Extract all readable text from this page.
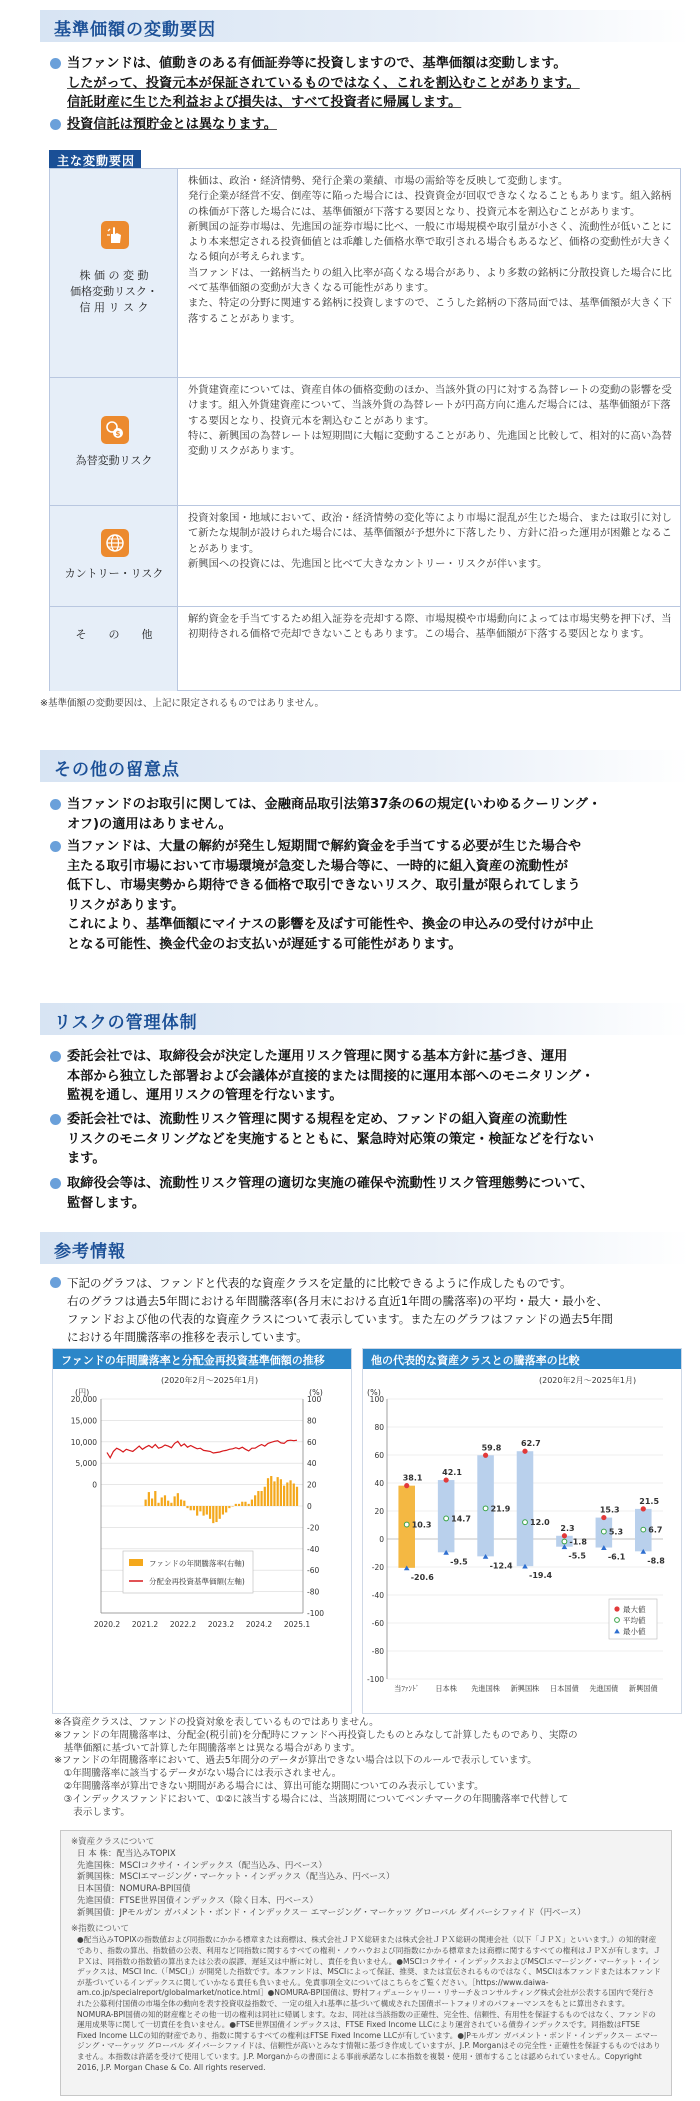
基準価額の変動要因
当ファンドは、値動きのある有価証券等に投資しますので、基準価額は変動します。
したがって、投資元本が保証されているものではなく、これを割込むことがあります。
信託財産に生じた利益および損失は、すべて投資者に帰属します。
投資信託は預貯金とは異なります。
主な変動要因
株 価 の 変 動
価格変動リスク・
信 用 リ ス ク
株価は、政治・経済情勢、発行企業の業績、市場の需給等を反映して変動します。
発行企業が経営不安、倒産等に陥った場合には、投資資金が回収できなくなることもあります。組入銘柄の株価が下落した場合には、基準価額が下落する要因となり、投資元本を割込むことがあります。
新興国の証券市場は、先進国の証券市場に比べ、一般に市場規模や取引量が小さく、流動性が低いことにより本来想定される投資価値とは乖離した価格水準で取引される場合もあるなど、価格の変動性が大きくなる傾向が考えられます。
当ファンドは、一銘柄当たりの組入比率が高くなる場合があり、より多数の銘柄に分散投資した場合に比べて基準価額の変動が大きくなる可能性があります。
また、特定の分野に関連する銘柄に投資しますので、こうした銘柄の下落局面では、基準価額が大きく下落することがあります。
$
為替変動リスク
外貨建資産については、資産自体の価格変動のほか、当該外貨の円に対する為替レートの変動の影響を受けます。組入外貨建資産について、当該外貨の為替レートが円高方向に進んだ場合には、基準価額が下落する要因となり、投資元本を割込むことがあります。
特に、新興国の為替レートは短期間に大幅に変動することがあり、先進国と比較して、相対的に高い為替変動リスクがあります。
カントリー・リスク
投資対象国・地域において、政治・経済情勢の変化等により市場に混乱が生じた場合、または取引に対して新たな規制が設けられた場合には、基準価額が予想外に下落したり、方針に沿った運用が困難となることがあります。
新興国への投資には、先進国と比べて大きなカントリー・リスクが伴います。
そ　　の　　他
解約資金を手当てするため組入証券を売却する際、市場規模や市場動向によっては市場実勢を押下げ、当初期待される価格で売却できないこともあります。この場合、基準価額が下落する要因となります。
※基準価額の変動要因は、上記に限定されるものではありません。
その他の留意点
当ファンドのお取引に関しては、金融商品取引法第37条の6の規定(いわゆるクーリング・
オフ)の適用はありません。
当ファンドは、大量の解約が発生し短期間で解約資金を手当てする必要が生じた場合や
主たる取引市場において市場環境が急変した場合等に、一時的に組入資産の流動性が
低下し、市場実勢から期待できる価格で取引できないリスク、取引量が限られてしまう
リスクがあります。
これにより、基準価額にマイナスの影響を及ぼす可能性や、換金の申込みの受付けが中止
となる可能性、換金代金のお支払いが遅延する可能性があります。
リスクの管理体制
委託会社では、取締役会が決定した運用リスク管理に関する基本方針に基づき、運用
本部から独立した部署および会議体が直接的または間接的に運用本部へのモニタリング・
監視を通し、運用リスクの管理を行ないます。
委託会社では、流動性リスク管理に関する規程を定め、ファンドの組入資産の流動性
リスクのモニタリングなどを実施するとともに、緊急時対応策の策定・検証などを行ない
ます。
取締役会等は、流動性リスク管理の適切な実施の確保や流動性リスク管理態勢について、
監督します。
参考情報
下記のグラフは、ファンドと代表的な資産クラスを定量的に比較できるように作成したものです。
右のグラフは過去5年間における年間騰落率(各月末における直近1年間の騰落率)の平均・最大・最小を、
ファンドおよび他の代表的な資産クラスについて表示しています。また左のグラフはファンドの過去5年間
における年間騰落率の推移を表示しています。
ファンドの年間騰落率と分配金再投資基準価額の推移
(2020年2月～2025年1月)
(円)	(%)
20,000	100
15,000	80
10,000	60
5,000	40
0	20
0
-20
-40
-60
-80
-100
2020.2 2021.2 2022.2 2023.2 2024.2 2025.1
ファンドの年間騰落率(右軸)
分配金再投資基準価額(左軸)
他の代表的な資産クラスとの騰落率の比較
(2020年2月～2025年1月)
(%)
100
80
60
40
20
0
-20
-40
-60
-80
-100
38.1
10.3
-20.6
当ﾌｧﾝﾄﾞ
42.1
14.7
-9.5
日本株
59.8
21.9
-12.4
先進国株
62.7
12.0
-19.4
新興国株
2.3
-1.8
-5.5
日本国債
15.3
5.3
-6.1
先進国債
21.5
6.7
-8.8
新興国債
最大値
平均値
最小値
※各資産クラスは、ファンドの投資対象を表しているものではありません。
※ファンドの年間騰落率は、分配金(税引前)を分配時にファンドへ再投資したものとみなして計算したものであり、実際の
　基準価額に基づいて計算した年間騰落率とは異なる場合があります。
※ファンドの年間騰落率において、過去5年間分のデータが算出できない場合は以下のルールで表示しています。
　①年間騰落率に該当するデータがない場合には表示されません。
　②年間騰落率が算出できない期間がある場合には、算出可能な期間についてのみ表示しています。
　③インデックスファンドにおいて、①②に該当する場合には、当該期間についてベンチマークの年間騰落率で代替して
　　表示します。
※資産クラスについて
日 本 株：配当込みTOPIX
先進国株：MSCIコクサイ・インデックス（配当込み、円ベース）
新興国株：MSCIエマージング・マーケット・インデックス（配当込み、円ベース）
日本国債：NOMURA-BPI国債
先進国債：FTSE世界国債インデックス（除く日本、円ベース）
新興国債：JPモルガン ガバメント・ボンド・インデックス－ エマージング・マーケッツ グローバル ダイバーシファイド（円ベース）
※指数について
●配当込みTOPIXの指数値および同指数にかかる標章または商標は、株式会社ＪＰＸ総研または株式会社ＪＰＸ総研の関連会社（以下「ＪＰＸ」といいます。）の知的財産であり、指数の算出、指数値の公表、利用など同指数に関するすべての権利・ノウハウおよび同指数にかかる標章または商標に関するすべての権利はＪＰＸが有します。ＪＰＸは、同指数の指数値の算出または公表の誤謬、遅延又は中断に対し、責任を負いません。●MSCIコクサイ・インデックスおよびMSCIエマージング・マーケット・インデックスは、MSCI Inc.（「MSCI」）が開発した指数です。本ファンドは、MSCIによって保証、推奨、または宣伝されるものではなく、MSCIは本ファンドまたは本ファンドが基づいているインデックスに関していかなる責任も負いません。免責事項全文についてはこちらをご覧ください。［https://www.daiwa-am.co.jp/specialreport/globalmarket/notice.html］●NOMURA-BPI国債は、野村フィデューシャリー・リサーチ＆コンサルティング株式会社が公表する国内で発行された公募利付国債の市場全体の動向を表す投資収益指数で、一定の組入れ基準に基づいて構成された国債ポートフォリオのパフォーマンスをもとに算出されます。NOMURA-BPI国債の知的財産権とその他一切の権利は同社に帰属します。なお、同社は当該指数の正確性、完全性、信頼性、有用性を保証するものではなく、ファンドの運用成果等に関して一切責任を負いません。●FTSE世界国債インデックスは、FTSE Fixed Income LLCにより運営されている債券インデックスです。同指数はFTSE Fixed Income LLCの知的財産であり、指数に関するすべての権利はFTSE Fixed Income LLCが有しています。●JPモルガン ガバメント・ボンド・インデックス－ エマージング・マーケッツ グローバル ダイバーシファイドは、信頼性が高いとみなす情報に基づき作成していますが、J.P. Morganはその完全性・正確性を保証するものではありません。本指数は許諾を受けて使用しています。J.P. Morganからの書面による事前承諾なしに本指数を複製・使用・頒布することは認められていません。Copyright 2016, J.P. Morgan Chase & Co. All rights reserved.
